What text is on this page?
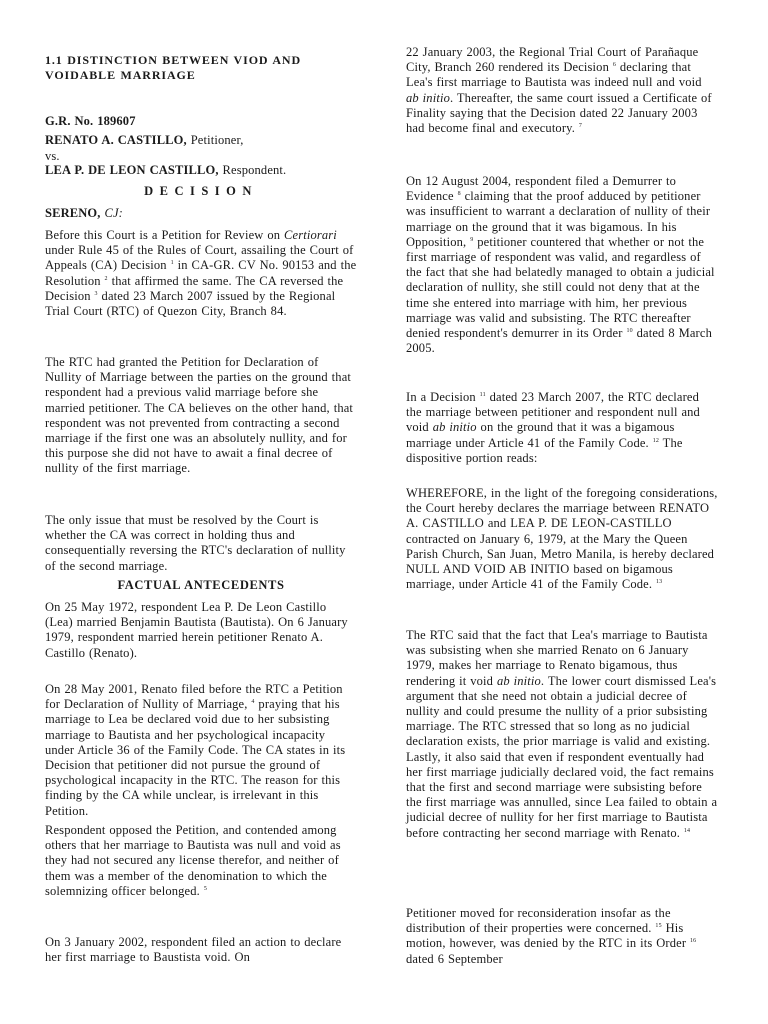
1.1 DISTINCTION BETWEEN VIOD AND VOIDABLE MARRIAGE
G.R. No. 189607
RENATO A. CASTILLO, Petitioner,
vs.
LEA P. DE LEON CASTILLO, Respondent.
DECISION
SERENO, CJ:
Before this Court is a Petition for Review on Certiorari under Rule 45 of the Rules of Court, assailing the Court of Appeals (CA) Decision $^1$ in CA-GR. CV No. 90153 and the Resolution $^2$ that affirmed the same. The CA reversed the Decision $^3$ dated 23 March 2007 issued by the Regional Trial Court (RTC) of Quezon City, Branch 84.
The RTC had granted the Petition for Declaration of Nullity of Marriage between the parties on the ground that respondent had a previous valid marriage before she married petitioner. The CA believes on the other hand, that respondent was not prevented from contracting a second marriage if the first one was an absolutely nullity, and for this purpose she did not have to await a final decree of nullity of the first marriage.
The only issue that must be resolved by the Court is whether the CA was correct in holding thus and consequentially reversing the RTC's declaration of nullity of the second marriage.
FACTUAL ANTECEDENTS
On 25 May 1972, respondent Lea P. De Leon Castillo (Lea) married Benjamin Bautista (Bautista). On 6 January 1979, respondent married herein petitioner Renato A. Castillo (Renato).
On 28 May 2001, Renato filed before the RTC a Petition for Declaration of Nullity of Marriage, $^4$ praying that his marriage to Lea be declared void due to her subsisting marriage to Bautista and her psychological incapacity under Article 36 of the Family Code. The CA states in its Decision that petitioner did not pursue the ground of psychological incapacity in the RTC. The reason for this finding by the CA while unclear, is irrelevant in this Petition.
Respondent opposed the Petition, and contended among others that her marriage to Bautista was null and void as they had not secured any license therefor, and neither of them was a member of the denomination to which the solemnizing officer belonged. $^5$
On 3 January 2002, respondent filed an action to declare her first marriage to Baustista void. On
22 January 2003, the Regional Trial Court of Parañaque City, Branch 260 rendered its Decision $^6$ declaring that Lea's first marriage to Bautista was indeed null and void ab initio. Thereafter, the same court issued a Certificate of Finality saying that the Decision dated 22 January 2003 had become final and executory. $^7$
On 12 August 2004, respondent filed a Demurrer to Evidence $^8$ claiming that the proof adduced by petitioner was insufficient to warrant a declaration of nullity of their marriage on the ground that it was bigamous. In his Opposition, $^9$ petitioner countered that whether or not the first marriage of respondent was valid, and regardless of the fact that she had belatedly managed to obtain a judicial declaration of nullity, she still could not deny that at the time she entered into marriage with him, her previous marriage was valid and subsisting. The RTC thereafter denied respondent's demurrer in its Order $^{10}$ dated 8 March 2005.
In a Decision $^{11}$ dated 23 March 2007, the RTC declared the marriage between petitioner and respondent null and void ab initio on the ground that it was a bigamous marriage under Article 41 of the Family Code. $^{12}$ The dispositive portion reads:
WHEREFORE, in the light of the foregoing considerations, the Court hereby declares the marriage between RENATO A. CASTILLO and LEA P. DE LEON-CASTILLO contracted on January 6, 1979, at the Mary the Queen Parish Church, San Juan, Metro Manila, is hereby declared NULL AND VOID AB INITIO based on bigamous marriage, under Article 41 of the Family Code. $^{13}$
The RTC said that the fact that Lea's marriage to Bautista was subsisting when she married Renato on 6 January 1979, makes her marriage to Renato bigamous, thus rendering it void ab initio. The lower court dismissed Lea's argument that she need not obtain a judicial decree of nullity and could presume the nullity of a prior subsisting marriage. The RTC stressed that so long as no judicial declaration exists, the prior marriage is valid and existing. Lastly, it also said that even if respondent eventually had her first marriage judicially declared void, the fact remains that the first and second marriage were subsisting before the first marriage was annulled, since Lea failed to obtain a judicial decree of nullity for her first marriage to Bautista before contracting her second marriage with Renato. $^{14}$
Petitioner moved for reconsideration insofar as the distribution of their properties were concerned. $^{15}$ His motion, however, was denied by the RTC in its Order $^{16}$ dated 6 September
